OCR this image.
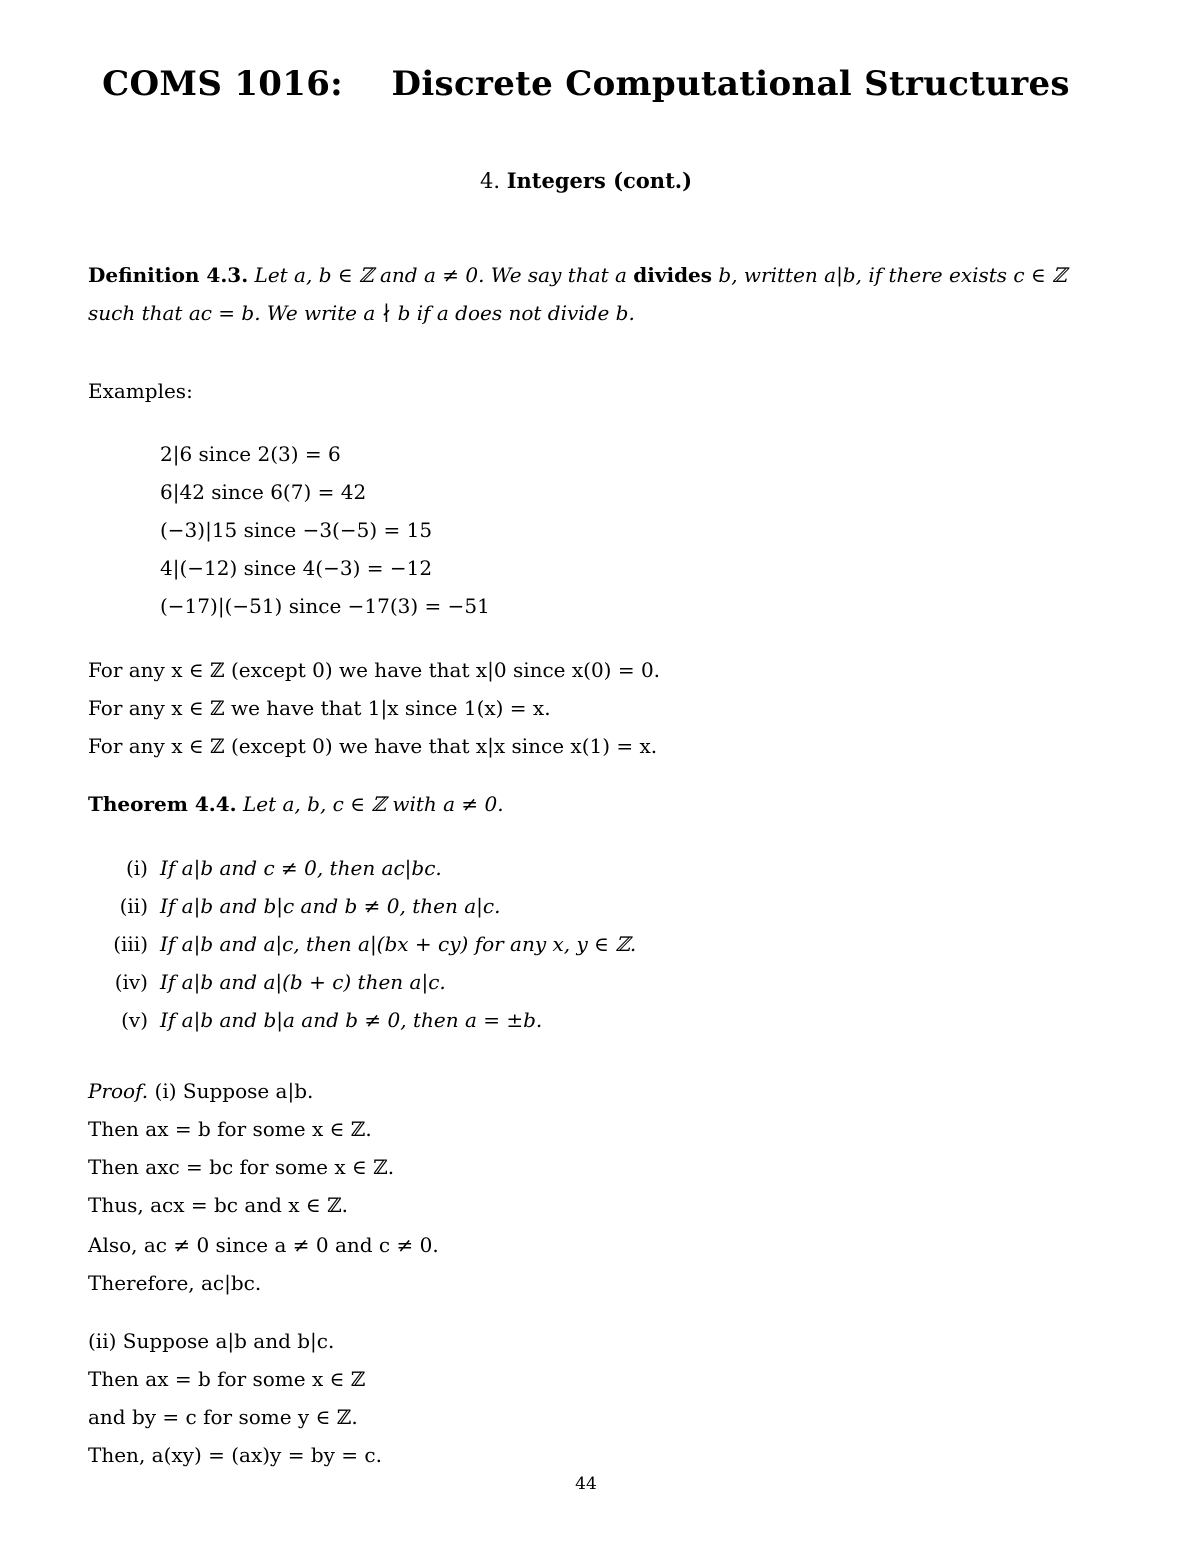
COMS 1016:    Discrete Computational Structures
4. Integers (cont.)
Definition 4.3. Let a, b ∈ ℤ and a ≠ 0. We say that a divides b, written a|b, if there exists c ∈ ℤ
such that ac = b. We write a ∤ b if a does not divide b.
Examples:
2|6 since 2(3) = 6
6|42 since 6(7) = 42
(−3)|15 since −3(−5) = 15
4|(−12) since 4(−3) = −12
(−17)|(−51) since −17(3) = −51
For any x ∈ ℤ (except 0) we have that x|0 since x(0) = 0.
For any x ∈ ℤ we have that 1|x since 1(x) = x.
For any x ∈ ℤ (except 0) we have that x|x since x(1) = x.
Theorem 4.4. Let a, b, c ∈ ℤ with a ≠ 0.
(i) If a|b and c ≠ 0, then ac|bc.
(ii) If a|b and b|c and b ≠ 0, then a|c.
(iii) If a|b and a|c, then a|(bx + cy) for any x, y ∈ ℤ.
(iv) If a|b and a|(b + c) then a|c.
(v) If a|b and b|a and b ≠ 0, then a = ±b.
Proof. (i) Suppose a|b.
Then ax = b for some x ∈ ℤ.
Then axc = bc for some x ∈ ℤ.
Thus, acx = bc and x ∈ ℤ.
Also, ac ≠ 0 since a ≠ 0 and c ≠ 0.
Therefore, ac|bc.
(ii) Suppose a|b and b|c.
Then ax = b for some x ∈ ℤ
and by = c for some y ∈ ℤ.
Then, a(xy) = (ax)y = by = c.
44
